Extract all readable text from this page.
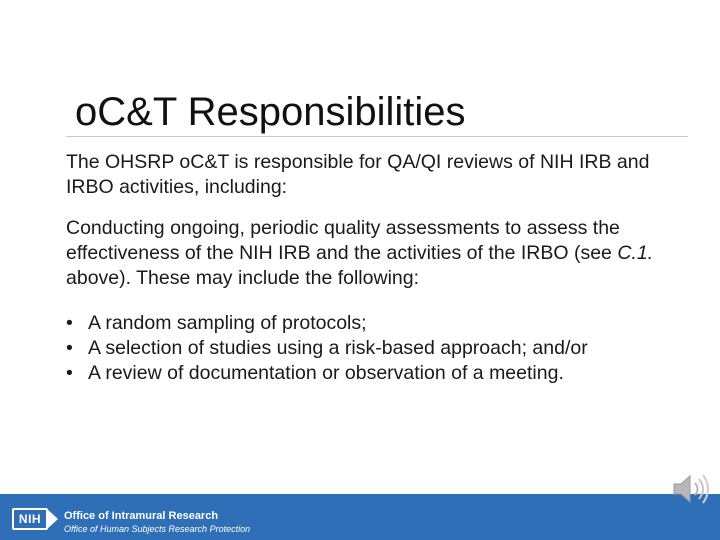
oC&T Responsibilities

The OHSRP oC&T is responsible for QA/QI reviews of NIH IRB and IRBO activities, including:

Conducting ongoing, periodic quality assessments to assess the effectiveness of the NIH IRB and the activities of the IRBO (see C.1. above). These may include the following:

• A random sampling of protocols;
• A selection of studies using a risk-based approach; and/or
• A review of documentation or observation of a meeting.
NIH	Office of Intramural Research
Office of Human Subjects Research Protection
